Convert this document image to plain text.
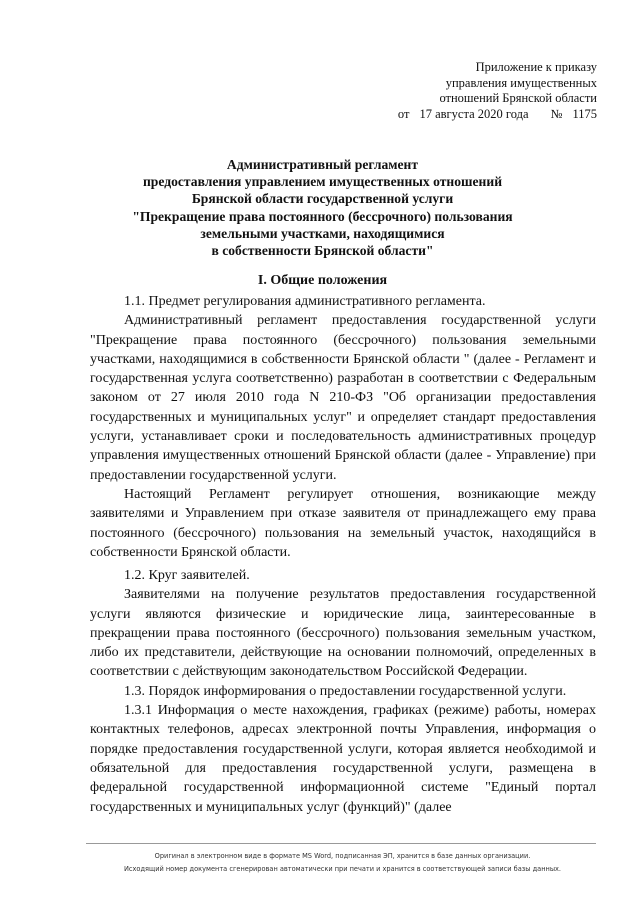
Приложение к приказу
управления имущественных
отношений Брянской области
от 17 августа 2020 года № 1175
Административный регламент
предоставления управлением имущественных отношений
Брянской области государственной услуги
"Прекращение права постоянного (бессрочного) пользования
земельными участками, находящимися
в собственности Брянской области"
I. Общие положения

1.1. Предмет регулирования административного регламента.

Административный регламент предоставления государственной услуги "Прекращение права постоянного (бессрочного) пользования земельными участками, находящимися в собственности Брянской области " (далее - Регламент и государственная услуга соответственно) разработан в соответствии с Федеральным законом от 27 июля 2010 года N 210-ФЗ "Об организации предоставления государственных и муниципальных услуг" и определяет стандарт предоставления услуги, устанавливает сроки и последовательность административных процедур управления имущественных отношений Брянской области (далее - Управление) при предоставлении государственной услуги.

Настоящий Регламент регулирует отношения, возникающие между заявителями и Управлением при отказе заявителя от принадлежащего ему права постоянного (бессрочного) пользования на земельный участок, находящийся в собственности Брянской области.

1.2. Круг заявителей.

Заявителями на получение результатов предоставления государственной услуги являются физические и юридические лица, заинтересованные в прекращении права постоянного (бессрочного) пользования земельным участком, либо их представители, действующие на основании полномочий, определенных в соответствии с действующим законодательством Российской Федерации.

1.3. Порядок информирования о предоставлении государственной услуги.

1.3.1 Информация о месте нахождения, графиках (режиме) работы, номерах контактных телефонов, адресах электронной почты Управления, информация о порядке предоставления государственной услуги, которая является необходимой и обязательной для предоставления государственной услуги, размещена в федеральной государственной информационной системе "Единый портал государственных и муниципальных услуг (функций)" (далее

Оригинал в электронном виде в формате MS Word, подписанная ЭП, хранится в базе данных организации.
Исходящий номер документа сгенерирован автоматически при печати и хранится в соответствующей записи базы данных.
